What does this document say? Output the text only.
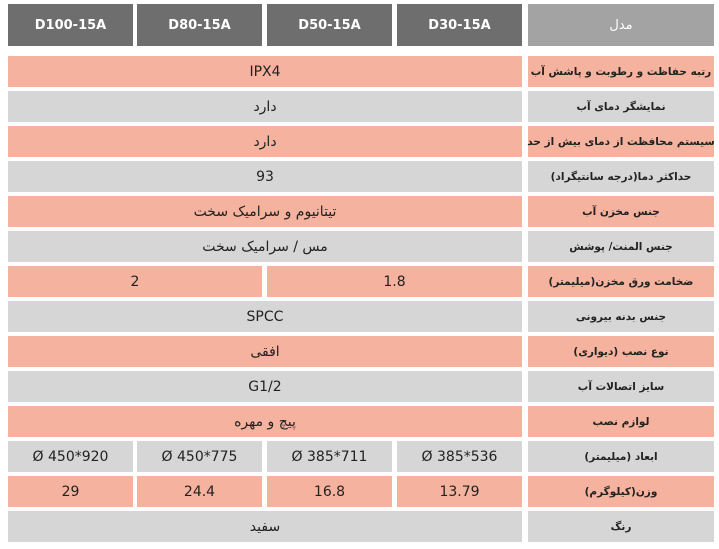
D100-15A	D80-15A	D50-15A	D30-15A	مدل
IPX4	رتبه حفاظت و رطوبت و پاشش آب
دارد	نمایشگر دمای آب
دارد	سیستم محافظت از دمای بیش از حد
93	حداکثر دما(درجه سانتیگراد)
تیتانیوم و سرامیک سخت	جنس مخزن آب
مس / سرامیک سخت	جنس المنت/ پوشش
2	1.8	ضخامت ورق مخزن(میلیمتر)
SPCC	جنس بدنه بیرونی
افقی	نوع نصب (دیواری)
G1/2	سایز اتصالات آب
پیچ و مهره	لوازم نصب
Ø 450*920	Ø 450*775	Ø 385*711	Ø 385*536	ابعاد (میلیمتر)
29	24.4	16.8	13.79	وزن(کیلوگرم)
سفید	رنگ
